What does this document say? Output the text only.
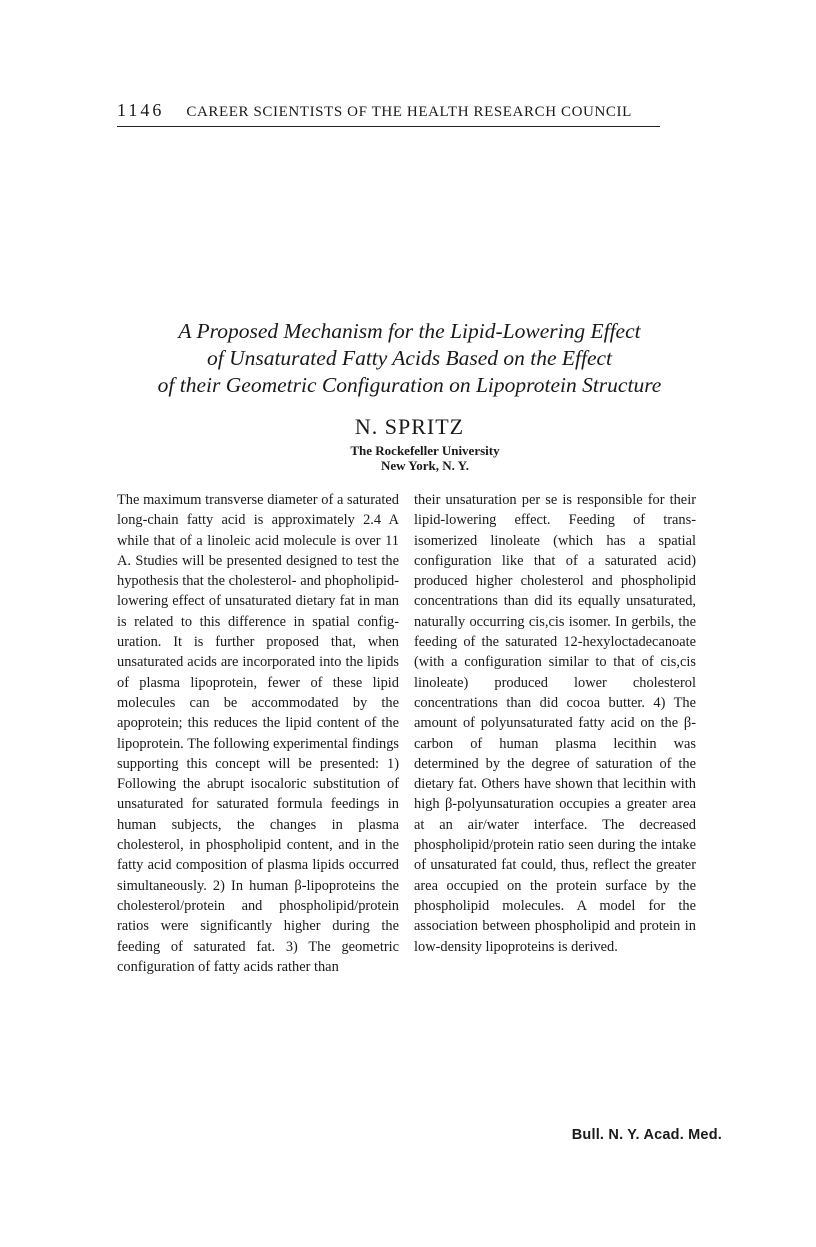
1146 CAREER SCIENTISTS OF THE HEALTH RESEARCH COUNCIL
A Proposed Mechanism for the Lipid-Lowering Effect
of Unsaturated Fatty Acids Based on the Effect
of their Geometric Configuration on Lipoprotein Structure
N. SPRITZ
The Rockefeller University
New York, N. Y.

The maximum transverse diameter of a saturated long-chain fatty acid is approximately 2.4 A while that of a linoleic acid molecule is over 11 A. Studies will be presented designed to test the hypothesis that the cholesterol- and phopholipid-lowering effect of unsaturated dietary fat in man is related to this difference in spatial configuration. It is further proposed that, when unsaturated acids are incorporated into the lipids of plasma lipoprotein, fewer of these lipid molecules can be accommodated by the apoprotein; this reduces the lipid content of the lipoprotein. The following experimental findings supporting this concept will be presented: 1) Following the abrupt isocaloric substitution of unsaturated for saturated formula feedings in human subjects, the changes in plasma cholesterol, in phospholipid content, and in the fatty acid composition of plasma lipids occurred simultaneously. 2) In human β-lipoproteins the cholesterol/protein and phospholipid/protein ratios were significantly higher during the feeding of saturated fat. 3) The geometric configuration of fatty acids rather than

their unsaturation per se is responsible for their lipid-lowering effect. Feeding of transisomerized linoleate (which has a spatial configuration like that of a saturated acid) produced higher cholesterol and phospholipid concentrations than did its equally unsaturated, naturally occurring cis,cis isomer. In gerbils, the feeding of the saturated 12-hexyloctadecanoate (with a configuration similar to that of cis,cis linoleate) produced lower cholesterol concentrations than did cocoa butter. 4) The amount of polyunsaturated fatty acid on the β-carbon of human plasma lecithin was determined by the degree of saturation of the dietary fat. Others have shown that lecithin with high β-polyunsaturation occupies a greater area at an air/water interface. The decreased phospholipid/protein ratio seen during the intake of unsaturated fat could, thus, reflect the greater area occupied on the protein surface by the phospholipid molecules. A model for the association between phospholipid and protein in low-density lipoproteins is derived.

Bull. N. Y. Acad. Med.
